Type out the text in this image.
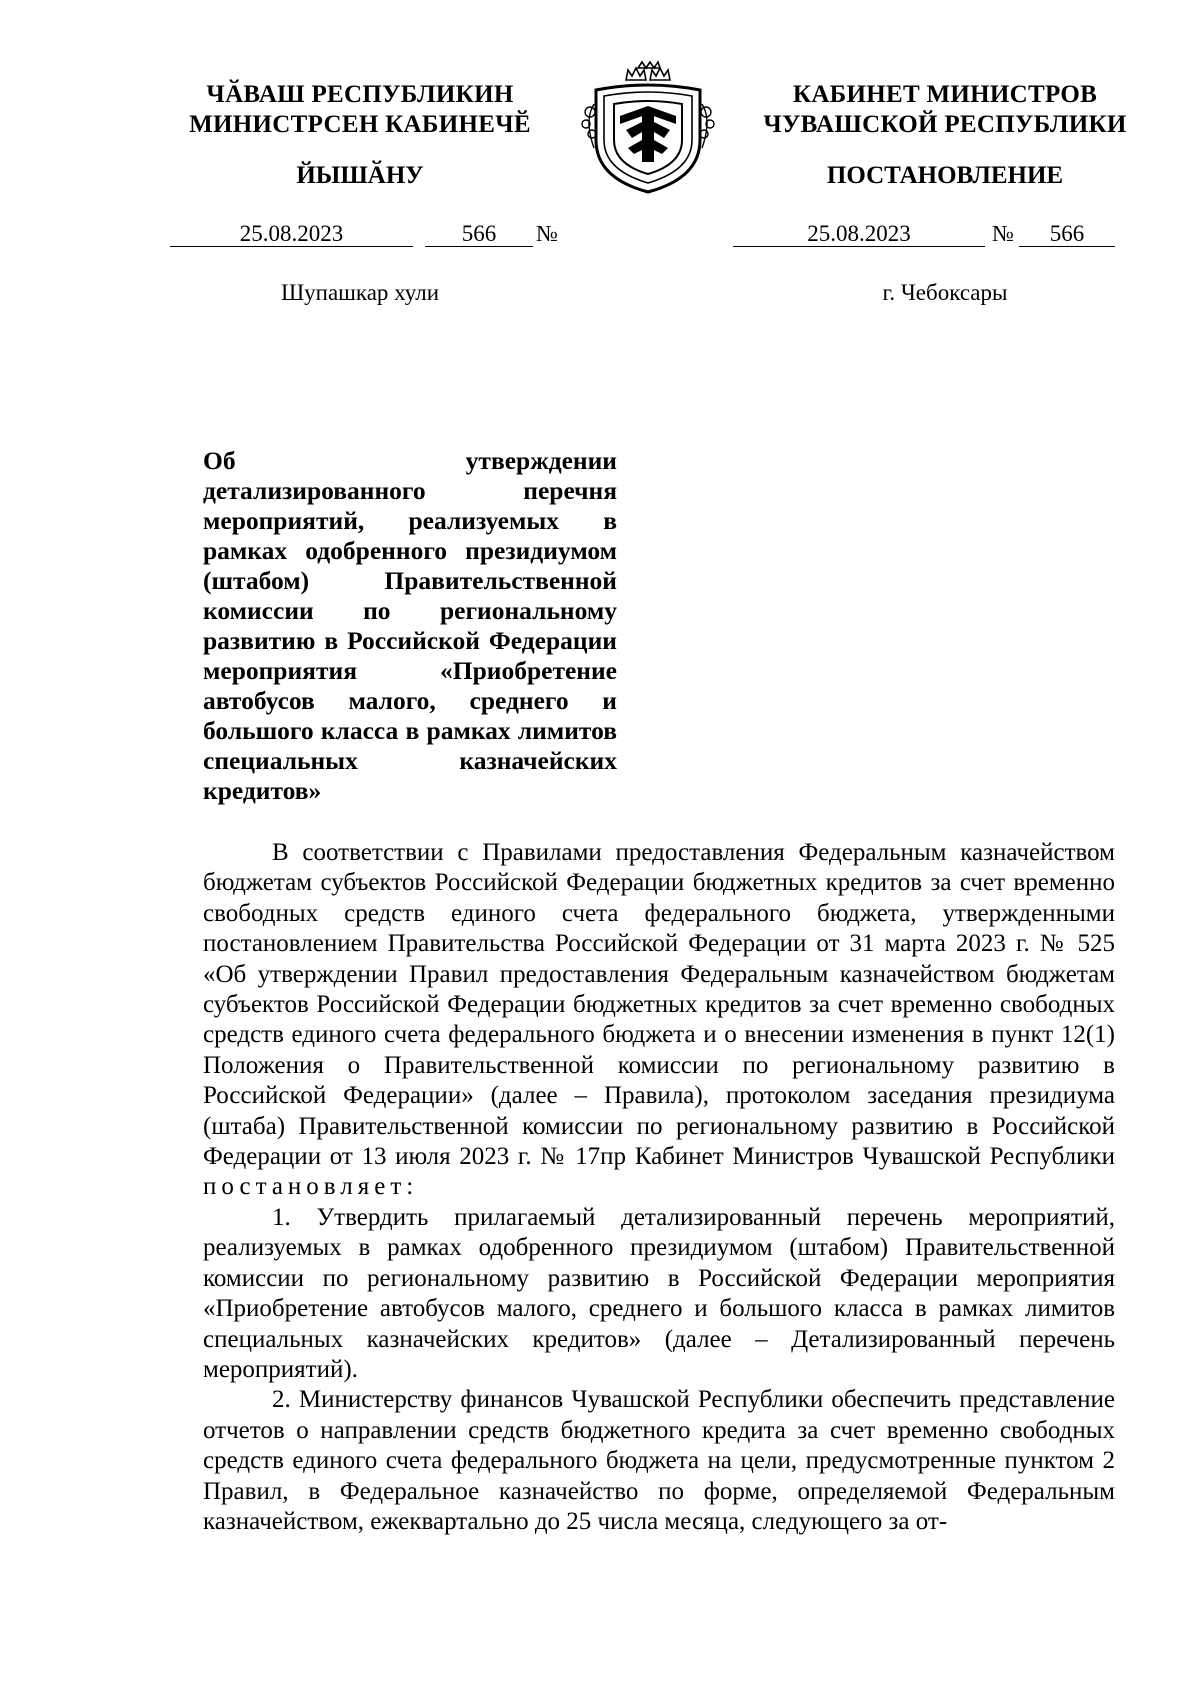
ЧӐВАШ РЕСПУБЛИКИН
МИНИСТРСЕН КАБИНЕЧӖ
ЙЫШӐНУ
25.08.2023	566	№
Шупашкар хули
КАБИНЕТ МИНИСТРОВ
ЧУВАШСКОЙ РЕСПУБЛИКИ
ПОСТАНОВЛЕНИЕ
25.08.2023	№	566
г. Чебоксары
Об утверждении детализированного перечня мероприятий, реализуемых в рамках одобренного президиумом (штабом) Правительственной комиссии по региональному развитию в Российской Федерации мероприятия «Приобретение автобусов малого, среднего и большого класса в рамках лимитов специальных казначейских кредитов»

В соответствии с Правилами предоставления Федеральным казначейством бюджетам субъектов Российской Федерации бюджетных кредитов за счет временно свободных средств единого счета федерального бюджета, утвержденными постановлением Правительства Российской Федерации от 31 марта 2023 г. № 525 «Об утверждении Правил предоставления Федеральным казначейством бюджетам субъектов Российской Федерации бюджетных кредитов за счет временно свободных средств единого счета федерального бюджета и о внесении изменения в пункт 12(1) Положения о Правительственной комиссии по региональному развитию в Российской Федерации» (далее – Правила), протоколом заседания президиума (штаба) Правительственной комиссии по региональному развитию в Российской Федерации от 13 июля 2023 г. № 17пр Кабинет Министров Чувашской Республики постановляет:

1. Утвердить прилагаемый детализированный перечень мероприятий, реализуемых в рамках одобренного президиумом (штабом) Правительственной комиссии по региональному развитию в Российской Федерации мероприятия «Приобретение автобусов малого, среднего и большого класса в рамках лимитов специальных казначейских кредитов» (далее – Детализированный перечень мероприятий).

2. Министерству финансов Чувашской Республики обеспечить представление отчетов о направлении средств бюджетного кредита за счет временно свободных средств единого счета федерального бюджета на цели, предусмотренные пунктом 2 Правил, в Федеральное казначейство по форме, определяемой Федеральным казначейством, ежеквартально до 25 числа месяца, следующего за от-
